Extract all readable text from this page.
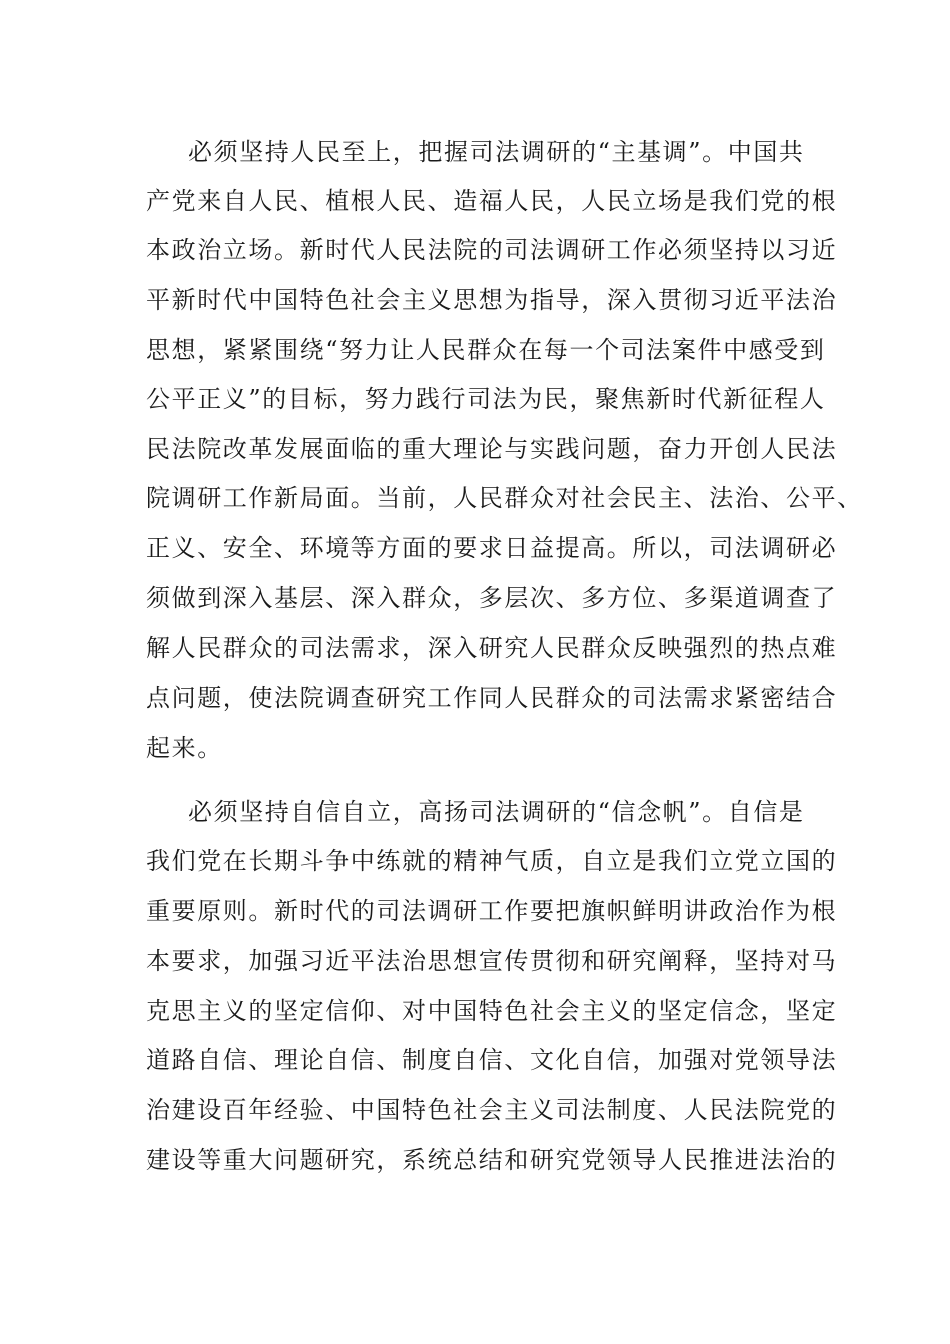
必须坚持人民至上，把握司法调研的“主基调”。中国共

产党来自人民、植根人民、造福人民，人民立场是我们党的根

本政治立场。新时代人民法院的司法调研工作必须坚持以习近

平新时代中国特色社会主义思想为指导，深入贯彻习近平法治

思想，紧紧围绕“努力让人民群众在每一个司法案件中感受到

公平正义”的目标，努力践行司法为民，聚焦新时代新征程人

民法院改革发展面临的重大理论与实践问题，奋力开创人民法

院调研工作新局面。当前，人民群众对社会民主、法治、公平、

正义、安全、环境等方面的要求日益提高。所以，司法调研必

须做到深入基层、深入群众，多层次、多方位、多渠道调查了

解人民群众的司法需求，深入研究人民群众反映强烈的热点难

点问题，使法院调查研究工作同人民群众的司法需求紧密结合

起来。

必须坚持自信自立，高扬司法调研的“信念帆”。自信是

我们党在长期斗争中练就的精神气质，自立是我们立党立国的

重要原则。新时代的司法调研工作要把旗帜鲜明讲政治作为根

本要求，加强习近平法治思想宣传贯彻和研究阐释，坚持对马

克思主义的坚定信仰、对中国特色社会主义的坚定信念，坚定

道路自信、理论自信、制度自信、文化自信，加强对党领导法

治建设百年经验、中国特色社会主义司法制度、人民法院党的

建设等重大问题研究，系统总结和研究党领导人民推进法治的
